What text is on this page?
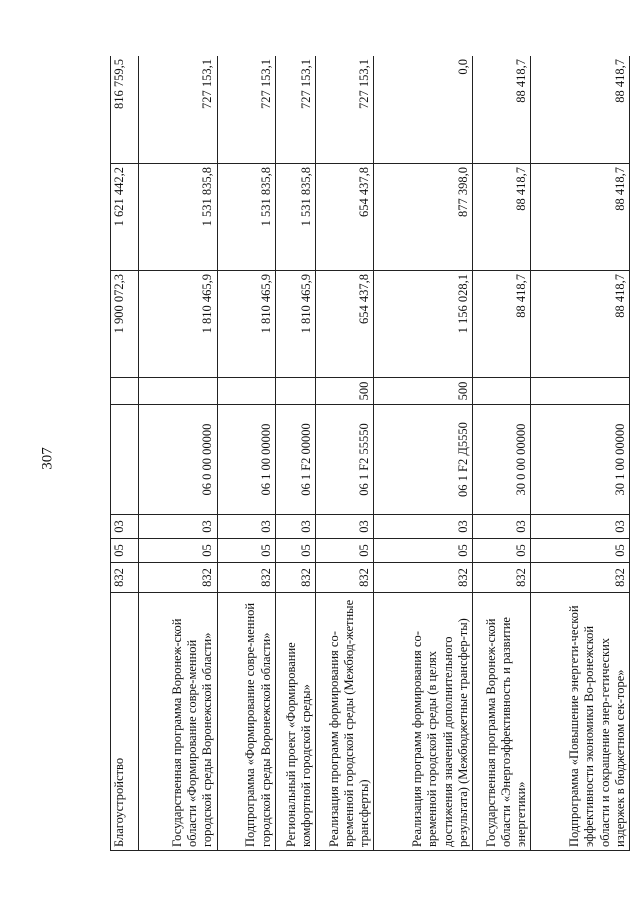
307
Благоустройство	832	05	03			1 900 072,3	1 621 442,2	816 759,5
Государственная программа Воронеж-ской области «Формирование совре-менной городской среды Воронежской области»	832	05	03	06 0 00 00000		1 810 465,9	1 531 835,8	727 153,1
Подпрограмма «Формирование совре-менной городской среды Воронежской области»	832	05	03	06 1 00 00000		1 810 465,9	1 531 835,8	727 153,1
Региональный проект «Формирование комфортной городской среды»	832	05	03	06 1 F2 00000		1 810 465,9	1 531 835,8	727 153,1
Реализация программ формирования со-временной городской среды (Межбюд-жетные трансферты)	832	05	03	06 1 F2 55550	500	654 437,8	654 437,8	727 153,1
Реализация программ формирования со-временной городской среды (в целях достижения значений дополнительного результата) (Межбюджетные трансфер-ты)	832	05	03	06 1 F2 Д5550	500	1 156 028,1	877 398,0	0,0
Государственная программа Воронеж-ской области «Энергоэффективность и развитие энергетики»	832	05	03	30 0 00 00000		88 418,7	88 418,7	88 418,7
Подпрограмма «Повышение энергети-ческой эффективности экономики Во-ронежской области и сокращение энер-гетических издержек в бюджетном сек-торе»	832	05	03	30 1 00 00000		88 418,7	88 418,7	88 418,7
